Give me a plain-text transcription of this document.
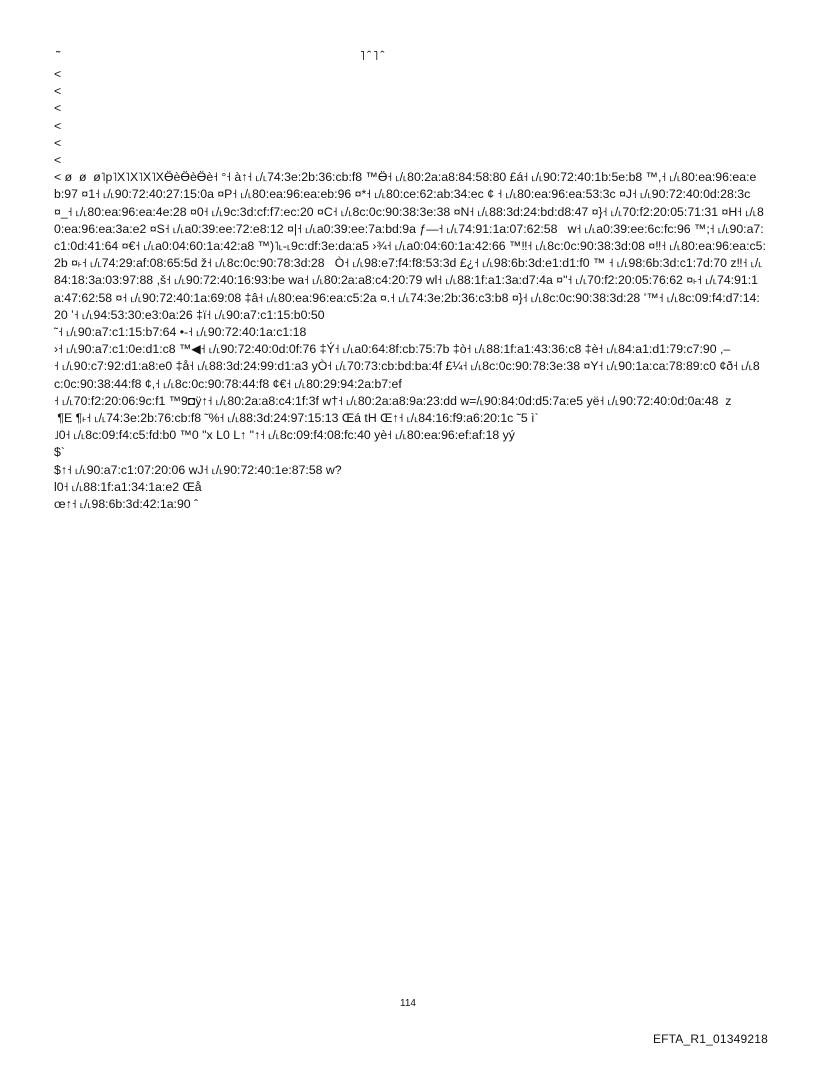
˜	˥ˆ˥ˆ
<
<
<
<
<
<
< ø  ø  ø˥p˥X˥X˥X˥XӪèӪèӪè˧ °˧ à↑˧ ˪/˪74:3e:2b:36:cb:f8 ™Ӫ˧ ˪/˪80:2a:a8:84:58:80 £á˧ ˪/˪90:72:40:1b:5e:b8 ™,˧ ˪/˪80:ea:96:ea:eb:97 ¤1˧ ˪/˪90:72:40:27:15:0a ¤P˧ ˪/˪80:ea:96:ea:eb:96 ¤*˧ ˪/˪80:ce:62:ab:34:ec ¢ ˧ ˪/˪80:ea:96:ea:53:3c ¤J˧ ˪/˪90:72:40:0d:28:3c ¤_˧ ˪/˪80:ea:96:ea:4e:28 ¤0˧ ˪/˪9c:3d:cf:f7:ec:20 ¤C˧ ˪/˪8c:0c:90:38:3e:38 ¤N˧ ˪/˪88:3d:24:bd:d8:47 ¤}˧ ˪/˪70:f2:20:05:71:31 ¤H˧ ˪/˪80:ea:96:ea:3a:e2 ¤S˧ ˪/˪a0:39:ee:72:e8:12 ¤|˧ ˪/˪a0:39:ee:7a:bd:9a ƒ—˧ ˪/˪74:91:1a:07:62:58   w˧ ˪/˪a0:39:ee:6c:fc:96 ™;˧ ˪/˪90:a7:c1:0d:41:64 ¤€˧ ˪/˪a0:04:60:1a:42:a8 ™)˥˪-˪9c:df:3e:da:a5 ›¾˧ ˪/˪a0:04:60:1a:42:66 ™‼˧ ˪/˪8c:0c:90:38:3d:08 ¤‼˧ ˪/˪80:ea:96:ea:c5:2b ¤˫˧ ˪/˪74:29:af:08:65:5d ž˧ ˪/˪8c:0c:90:78:3d:28   Ò˧ ˪/˪98:e7:f4:f8:53:3d £¿˧ ˪/˪98:6b:3d:e1:d1:f0 ™ ˧ ˪/˪98:6b:3d:c1:7d:70 z‼˧ ˪/˪84:18:3a:03:97:88 ,š˧ ˪/˪90:72:40:16:93:be wa˧ ˪/˪80:2a:a8:c4:20:79 wl˧ ˪/˪88:1f:a1:3a:d7:4a ¤"˧ ˪/˪70:f2:20:05:76:62 ¤˫˧ ˪/˪74:91:1a:47:62:58 ¤˧ ˪/˪90:72:40:1a:69:08 ‡â˧ ˪/˪80:ea:96:ea:c5:2a ¤.˧ ˪/˪74:3e:2b:36:c3:b8 ¤}˧ ˪/˪8c:0c:90:38:3d:28 ʼ™˧ ˪/˪8c:09:f4:d7:14:20 ʼ˧ ˪/˪94:53:30:e3:0a:26 ‡ï˧ ˪/˪90:a7:c1:15:b0:50
˜˧ ˪/˪90:a7:c1:15:b7:64 •-˧ ˪/˪90:72:40:1a:c1:18
›˧ ˪/˪90:a7:c1:0e:d1:c8 ™◀˧ ˪/˪90:72:40:0d:0f:76 ‡Ý˧ ˪/˪a0:64:8f:cb:75:7b ‡ò˧ ˪/˪88:1f:a1:43:36:c8 ‡è˧ ˪/˪84:a1:d1:79:c7:90 ,–
˧ ˪/˪90:c7:92:d1:a8:e0 ‡å˧ ˪/˪88:3d:24:99:d1:a3 yÒ˧ ˪/˪70:73:cb:bd:ba:4f £¼˧ ˪/˪8c:0c:90:78:3e:38 ¤Y˧ ˪/˪90:1a:ca:78:89:c0 ¢ð˧ ˪/˪8c:0c:90:38:44:f8 ¢,˧ ˪/˪8c:0c:90:78:44:f8 ¢€˧ ˪/˪80:29:94:2a:b7:ef
˧ ˪/˪70:f2:20:06:9c:f1 ™9◘ÿ↑˧ ˪/˪80:2a:a8:c4:1f:3f w†˧ ˪/˪80:2a:a8:9a:23:dd w=/˪90:84:0d:d5:7a:e5 yë˧ ˪/˪90:72:40:0d:0a:48  z
¶E ¶˫˧ ˪/˪74:3e:2b:76:cb:f8 ˜%˧ ˪/˪88:3d:24:97:15:13 Œá tH Œ↑˧ ˪/˪84:16:f9:a6:20:1c ˜5 ì`
˩0˧ ˪/˪8c:09:f4:c5:fd:b0 ™0 "x L0 L↑ "↑˧ ˪/˪8c:09:f4:08:fc:40 yè˧ ˪/˪80:ea:96:ef:af:18 yý
$`
$↑˧ ˪/˪90:a7:c1:07:20:06 wJ˧ ˪/˪90:72:40:1e:87:58 w?
l0˧ ˪/˪88:1f:a1:34:1a:e2 Œå
œ↑˧ ˪/˪98:6b:3d:42:1a:90 ˆ
114
EFTA_R1_01349218
